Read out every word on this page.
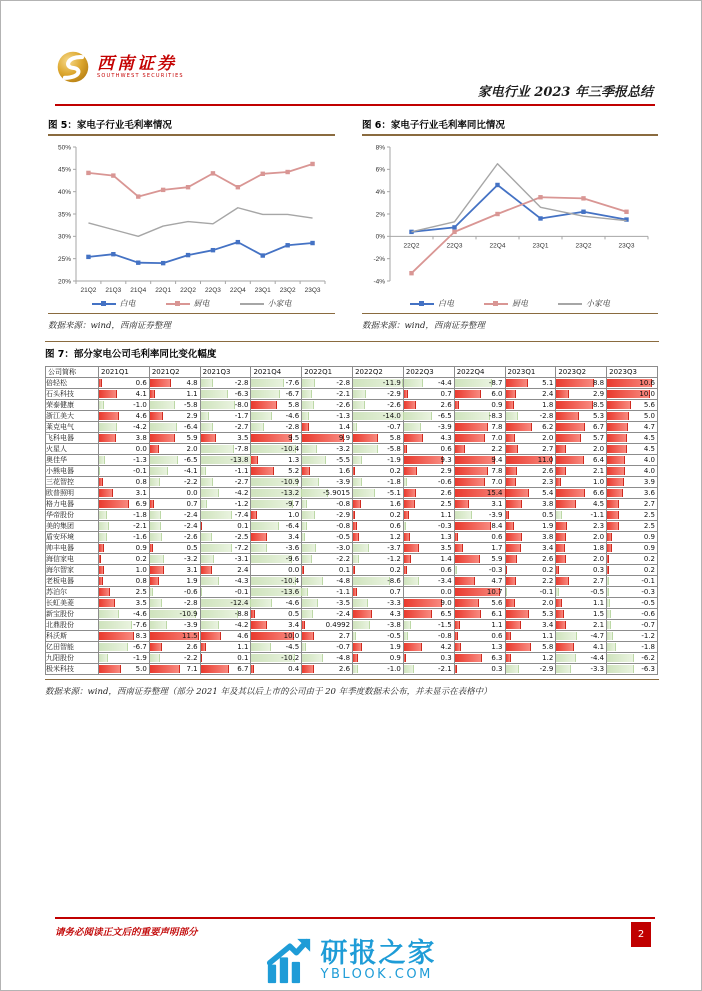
西南证券
SOUTHWEST SECURITIES
家电行业 2023 年三季报总结
图 5：家电子行业毛利率情况
20%
25%
30%
35%
40%
45%
50%
21Q2 21Q3 21Q4 22Q1 22Q2 22Q3 22Q4 23Q1 23Q2 23Q3
白电	厨电	小家电
数据来源：wind，西南证券整理
图 6：家电子行业毛利率同比情况
-4%
-2%
0%
2%
4%
6%
8%
22Q2	22Q3	22Q4	23Q1	23Q2	23Q3
白电	厨电	小家电
数据来源：wind，西南证券整理
图 7：部分家电公司毛利率同比变化幅度
公司简称	2021Q1	2021Q2	2021Q3	2021Q4	2022Q1	2022Q2	2022Q3	2022Q4	2023Q1	2023Q2	2023Q3
倍轻松	0.6	4.8	-2.8	-7.6	-2.8	-11.9	-4.4	-8.7	5.1	8.8	10.6

石头科技	4.1	1.1	-6.3	-6.7	-2.1	-2.9	0.7	6.0	2.4	2.9	10.0

荣泰健康	-1.0	-5.8	-8.0	5.8	-2.6	-2.6	2.6	0.9	1.8	8.5	5.6

浙江美大	4.6	2.9	-1.7	-4.6	-1.3	-14.0	-6.5	-8.3	-2.8	5.3	5.0

莱克电气	-4.2	-6.4	-2.7	-2.8	1.4	-0.7	-3.9	7.8	6.2	6.7	4.7

飞科电器	3.8	5.9	3.5	9.5	9.9	5.8	4.3	7.0	2.0	5.7	4.5

火星人	0.0	2.0	-7.8	-10.4	-3.2	-5.8	0.6	2.2	2.7	2.0	4.5

奥佳华	-1.3	-6.5	-13.8	1.3	-5.5	-1.9	9.3	9.4	11.0	6.4	4.0

小熊电器	-0.1	-4.1	-1.1	5.2	1.6	0.2	2.9	7.8	2.6	2.1	4.0

三花智控	0.8	-2.2	-2.7	-10.9	-3.9	-1.8	-0.6	7.0	2.3	1.0	3.9

欧普照明	3.1	0.0	-4.2	-13.2	-5.9015	-5.1	2.6	15.4	5.4	6.6	3.6

格力电器	6.9	0.7	-1.2	-9.7	-0.8	1.6	2.5	3.1	3.8	4.5	2.7

华帝股份	-1.8	-2.4	-7.4	1.0	-2.9	0.2	1.1	-3.9	0.5	-1.1	2.5

美的集团	-2.1	-2.4	0.1	-6.4	-0.8	0.6	-0.3	8.4	1.9	2.3	2.5

盾安环境	-1.6	-2.6	-2.5	3.4	-0.5	1.2	1.3	0.6	3.8	2.0	0.9

帅丰电器	0.9	0.5	-7.2	-3.6	-3.0	-3.7	3.5	1.7	3.4	1.8	0.9

海信家电	0.2	-3.2	-3.1	-9.6	-2.2	-1.2	1.4	5.9	2.6	2.0	0.2

海尔智家	1.0	3.1	2.4	0.0	0.1	0.2	0.6	-0.3	0.2	0.3	0.2

老板电器	0.8	1.9	-4.3	-10.4	-4.8	-8.6	-3.4	4.7	2.2	2.7	-0.1

苏泊尔	2.5	-0.6	-0.1	-13.6	-1.1	0.7	0.0	10.7	-0.1	-0.5	-0.3

长虹美菱	3.5	-2.8	-12.4	-4.6	-3.5	-3.3	9.0	5.6	2.0	1.1	-0.5

新宝股份	-4.6	-10.9	-8.8	0.5	-2.4	4.3	6.5	6.1	5.3	1.5	-0.6

北鼎股份	-7.6	-3.9	-4.2	3.4	0.4992	-3.8	-1.5	1.1	3.4	2.1	-0.7

科沃斯	8.3	11.5	4.6	10.0	2.7	-0.5	-0.8	0.6	1.1	-4.7	-1.2

亿田智能	-6.7	2.6	1.1	-4.5	-0.7	1.9	4.2	1.3	5.8	4.1	-1.8

九阳股份	-1.9	-2.2	0.1	-10.2	-4.8	0.9	0.3	6.3	1.2	-4.4	-6.2

极米科技	5.0	7.1	6.7	0.4	2.6	-1.0	-2.1	0.3	-2.9	-3.3	-6.3
数据来源：wind，西南证券整理（部分 2021 年及其以后上市的公司由于 20 年季度数据未公布，并未显示在表格中）
请务必阅读正文后的重要声明部分	2
研报之家
YBLOOK.COM
